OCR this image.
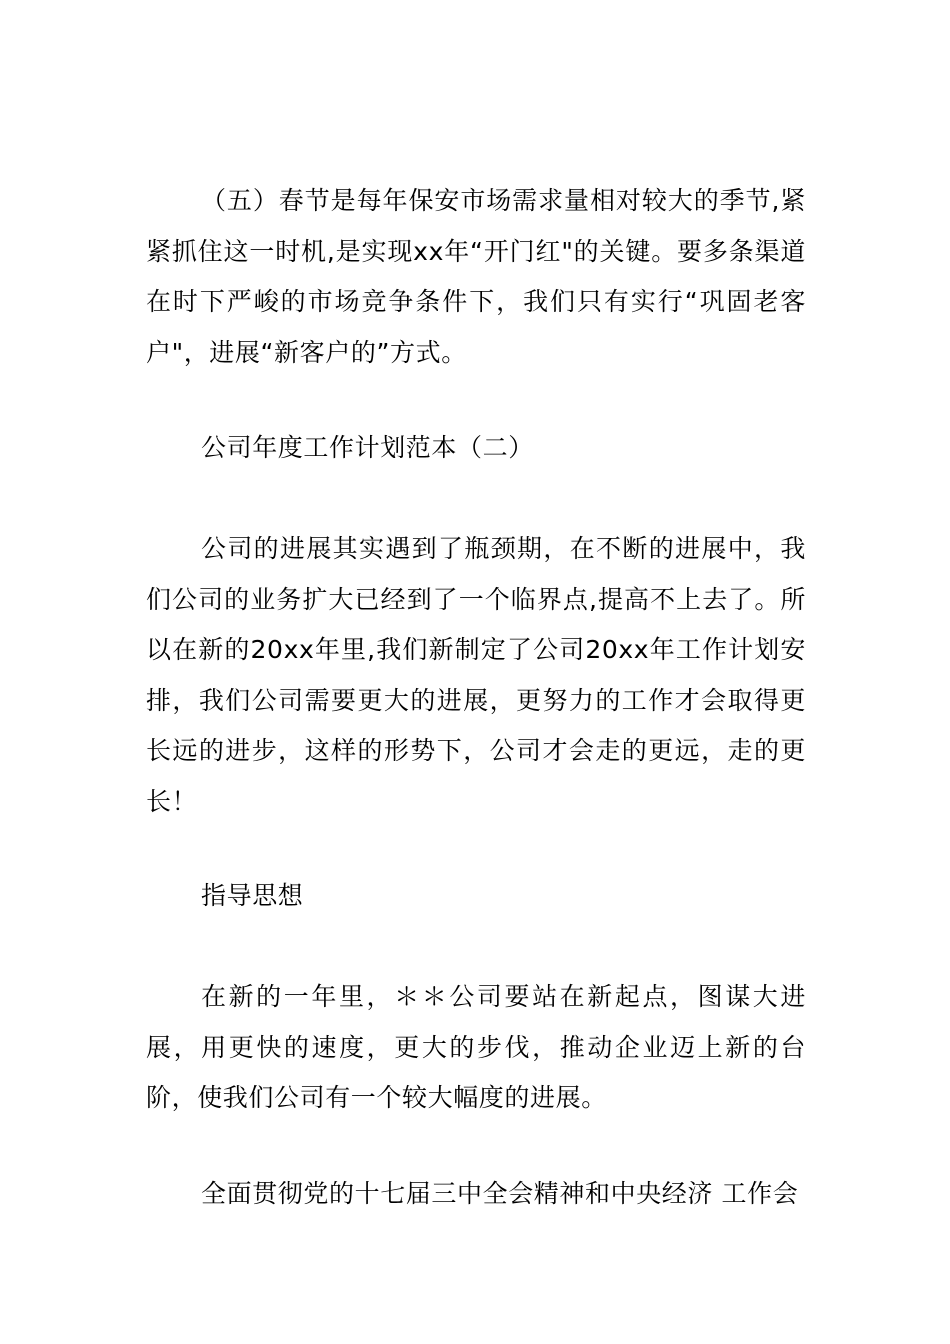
（五）春节是每年保安市场需求量相对较大的季节,紧紧抓住这一时机,是实现xx年“开门红"的关键。要多条渠道在时下严峻的市场竞争条件下，我们只有实行“巩固老客户"，进展“新客户的”方式。

公司年度工作计划范本（二）

公司的进展其实遇到了瓶颈期，在不断的进展中，我们公司的业务扩大已经到了一个临界点,提高不上去了。所以在新的20xx年里,我们新制定了公司20xx年工作计划安排，我们公司需要更大的进展，更努力的工作才会取得更长远的进步，这样的形势下，公司才会走的更远，走的更长！

指导思想

在新的一年里，＊＊公司要站在新起点，图谋大进展，用更快的速度，更大的步伐，推动企业迈上新的台阶，使我们公司有一个较大幅度的进展。

全面贯彻党的十七届三中全会精神和中央经济 工作会
